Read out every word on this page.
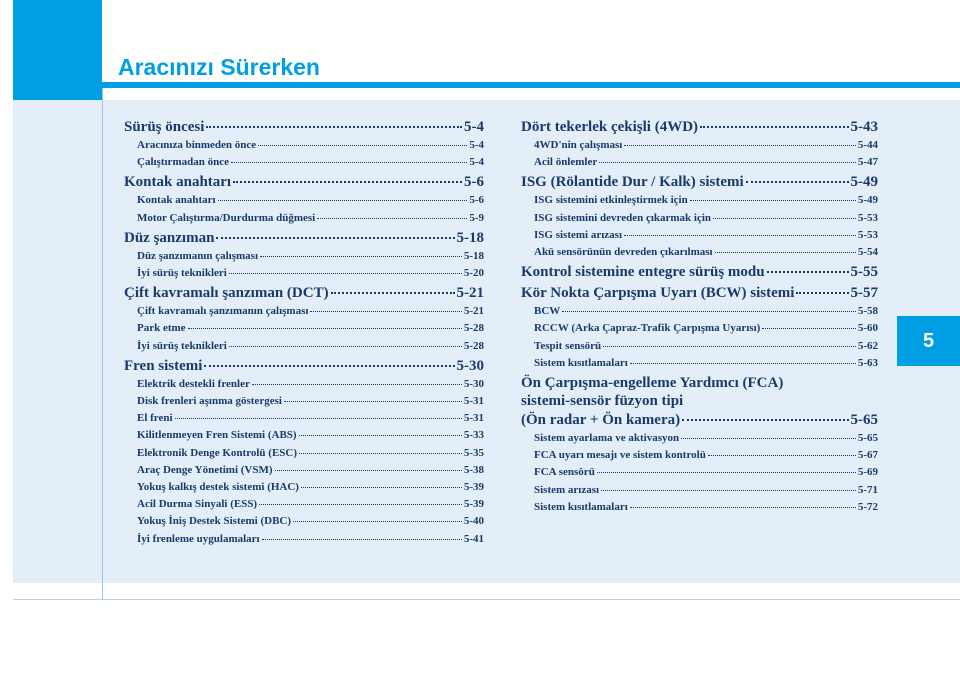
Aracınızı Sürerken
5
Sürüş öncesi	5-4
Aracınıza binmeden önce	5-4
Çalıştırmadan önce	5-4
Kontak anahtarı	5-6
Kontak anahtarı	5-6
Motor Çalıştırma/Durdurma düğmesi	5-9
Düz şanzıman	5-18
Düz şanzımanın çalışması	5-18
İyi sürüş teknikleri	5-20
Çift kavramalı şanzıman (DCT)	5-21
Çift kavramalı şanzımanın çalışması	5-21
Park etme	5-28
İyi sürüş teknikleri	5-28
Fren sistemi	5-30
Elektrik destekli frenler	5-30
Disk frenleri aşınma göstergesi	5-31
El freni	5-31
Kilitlenmeyen Fren Sistemi (ABS)	5-33
Elektronik Denge Kontrolü (ESC)	5-35
Araç Denge Yönetimi (VSM)	5-38
Yokuş kalkış destek sistemi (HAC)	5-39
Acil Durma Sinyali (ESS)	5-39
Yokuş İniş Destek Sistemi (DBC)	5-40
İyi frenleme uygulamaları	5-41
Dört tekerlek çekişli (4WD)	5-43
4WD'nin çalışması	5-44
Acil önlemler	5-47
ISG (Rölantide Dur / Kalk) sistemi	5-49
ISG sistemini etkinleştirmek için	5-49
ISG sistemini devreden çıkarmak için	5-53
ISG sistemi arızası	5-53
Akü sensörünün devreden çıkarılması	5-54
Kontrol sistemine entegre sürüş modu	5-55
Kör Nokta Çarpışma Uyarı (BCW) sistemi	5-57
BCW	5-58
RCCW (Arka Çapraz-Trafik Çarpışma Uyarısı)	5-60
Tespit sensörü	5-62
Sistem kısıtlamaları	5-63
Ön Çarpışma-engelleme Yardımcı (FCA)
sistemi-sensör füzyon tipi
(Ön radar + Ön kamera)	5-65
Sistem ayarlama ve aktivasyon	5-65
FCA uyarı mesajı ve sistem kontrolü	5-67
FCA sensörü	5-69
Sistem arızası	5-71
Sistem kısıtlamaları	5-72
